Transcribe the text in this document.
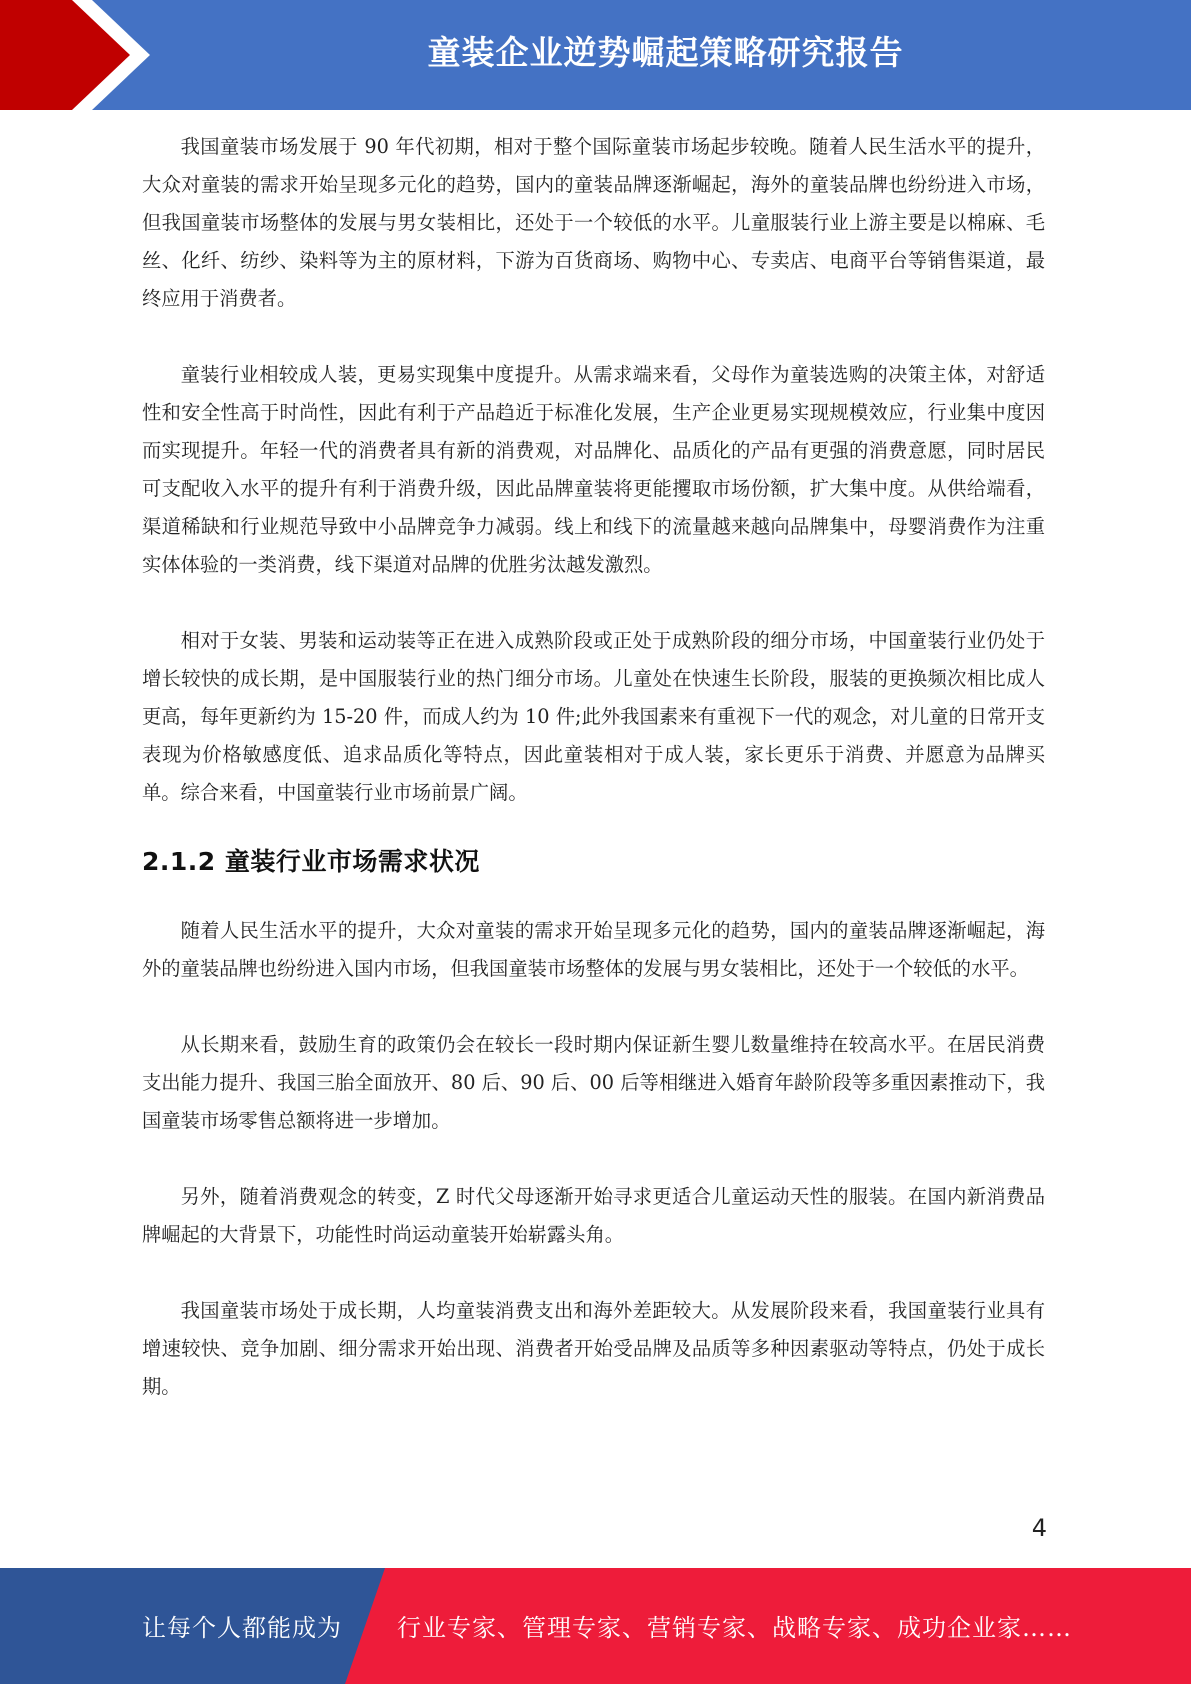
童装企业逆势崛起策略研究报告

我国童装市场发展于 90 年代初期，相对于整个国际童装市场起步较晚。随着人民生活水平的提升，大众对童装的需求开始呈现多元化的趋势，国内的童装品牌逐渐崛起，海外的童装品牌也纷纷进入市场，但我国童装市场整体的发展与男女装相比，还处于一个较低的水平。儿童服装行业上游主要是以棉麻、毛丝、化纤、纺纱、染料等为主的原材料，下游为百货商场、购物中心、专卖店、电商平台等销售渠道，最终应用于消费者。

童装行业相较成人装，更易实现集中度提升。从需求端来看，父母作为童装选购的决策主体，对舒适性和安全性高于时尚性，因此有利于产品趋近于标准化发展，生产企业更易实现规模效应，行业集中度因而实现提升。年轻一代的消费者具有新的消费观，对品牌化、品质化的产品有更强的消费意愿，同时居民可支配收入水平的提升有利于消费升级，因此品牌童装将更能攫取市场份额，扩大集中度。从供给端看，渠道稀缺和行业规范导致中小品牌竞争力减弱。线上和线下的流量越来越向品牌集中，母婴消费作为注重实体体验的一类消费，线下渠道对品牌的优胜劣汰越发激烈。

相对于女装、男装和运动装等正在进入成熟阶段或正处于成熟阶段的细分市场，中国童装行业仍处于增长较快的成长期，是中国服装行业的热门细分市场。儿童处在快速生长阶段，服装的更换频次相比成人更高，每年更新约为 15-20 件，而成人约为 10 件;此外我国素来有重视下一代的观念，对儿童的日常开支表现为价格敏感度低、追求品质化等特点，因此童装相对于成人装，家长更乐于消费、并愿意为品牌买单。综合来看，中国童装行业市场前景广阔。

2.1.2 童装行业市场需求状况

随着人民生活水平的提升，大众对童装的需求开始呈现多元化的趋势，国内的童装品牌逐渐崛起，海外的童装品牌也纷纷进入国内市场，但我国童装市场整体的发展与男女装相比，还处于一个较低的水平。

从长期来看，鼓励生育的政策仍会在较长一段时期内保证新生婴儿数量维持在较高水平。在居民消费支出能力提升、我国三胎全面放开、80 后、90 后、00 后等相继进入婚育年龄阶段等多重因素推动下，我国童装市场零售总额将进一步增加。

另外，随着消费观念的转变，Z 时代父母逐渐开始寻求更适合儿童运动天性的服装。在国内新消费品牌崛起的大背景下，功能性时尚运动童装开始崭露头角。

我国童装市场处于成长期，人均童装消费支出和海外差距较大。从发展阶段来看，我国童装行业具有增速较快、竞争加剧、细分需求开始出现、消费者开始受品牌及品质等多种因素驱动等特点，仍处于成长期。

4
让每个人都能成为 行业专家、管理专家、营销专家、战略专家、成功企业家……
